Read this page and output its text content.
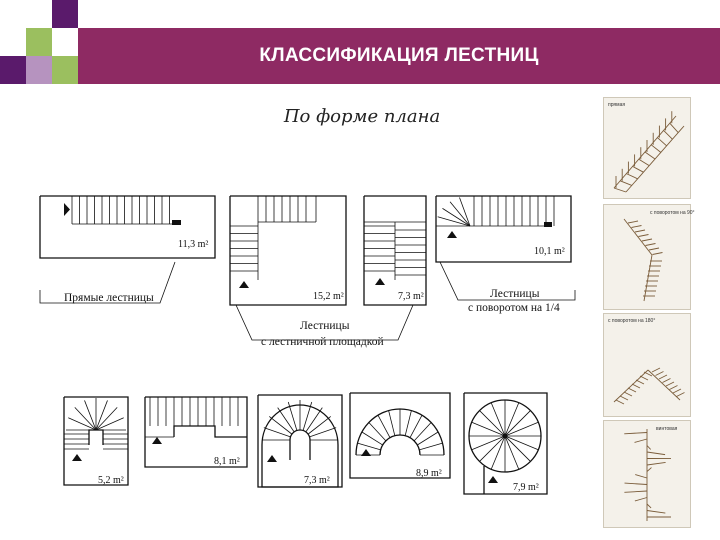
КЛАССИФИКАЦИЯ ЛЕСТНИЦ
По форме плана
11,3 m²
15,2 m²	7,3 m²
10,1 m²
5,2 m²
8,1 m²
7,3 m²
8,9 m²
7,9 m²
Прямые лестницы
Лестницы
с лестничной площадкой
Лестницы
с поворотом на 1/4
прямая
с поворотом на 90°
с поворотом на 180°
винтовая
